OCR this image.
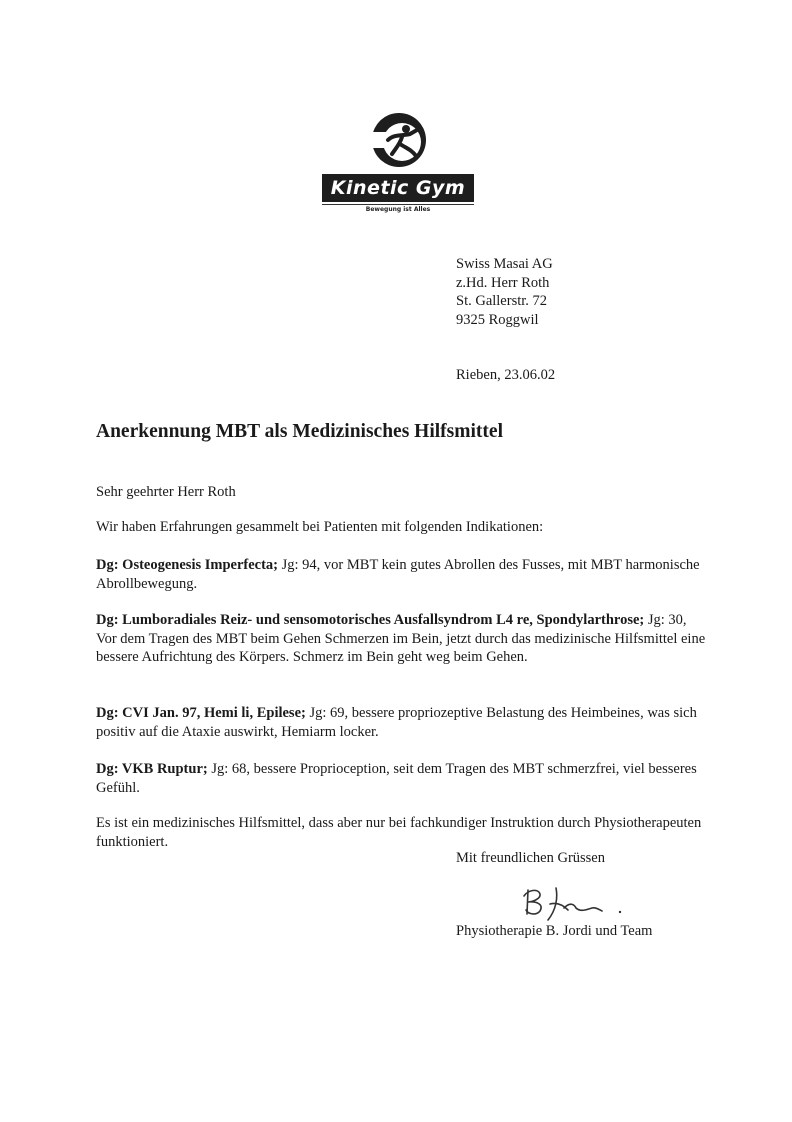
Kinetic Gym
Bewegung ist Alles
Swiss Masai AG
z.Hd. Herr Roth
St. Gallerstr. 72
9325 Roggwil
Rieben, 23.06.02
Anerkennung MBT als Medizinisches Hilfsmittel
Sehr geehrter Herr Roth
Wir haben Erfahrungen gesammelt bei Patienten mit folgenden Indikationen:
Dg: Osteogenesis Imperfecta; Jg: 94, vor MBT kein gutes Abrollen des Fusses, mit MBT harmonische Abrollbewegung.
Dg: Lumboradiales Reiz- und sensomotorisches Ausfallsyndrom L4 re, Spondylarthrose; Jg: 30, Vor dem Tragen des MBT beim Gehen Schmerzen im Bein, jetzt durch das medizinische Hilfsmittel eine bessere Aufrichtung des Körpers. Schmerz im Bein geht weg beim Gehen.
Dg: CVI Jan. 97, Hemi li, Epilese; Jg: 69, bessere propriozeptive Belastung des Heimbeines, was sich positiv auf die Ataxie auswirkt, Hemiarm locker.
Dg: VKB Ruptur; Jg: 68, bessere Proprioception, seit dem Tragen des MBT schmerzfrei, viel besseres Gefühl.
Es ist ein medizinisches Hilfsmittel, dass aber nur bei fachkundiger Instruktion durch Physiotherapeuten funktioniert.
Mit freundlichen Grüssen
Physiotherapie B. Jordi und Team
